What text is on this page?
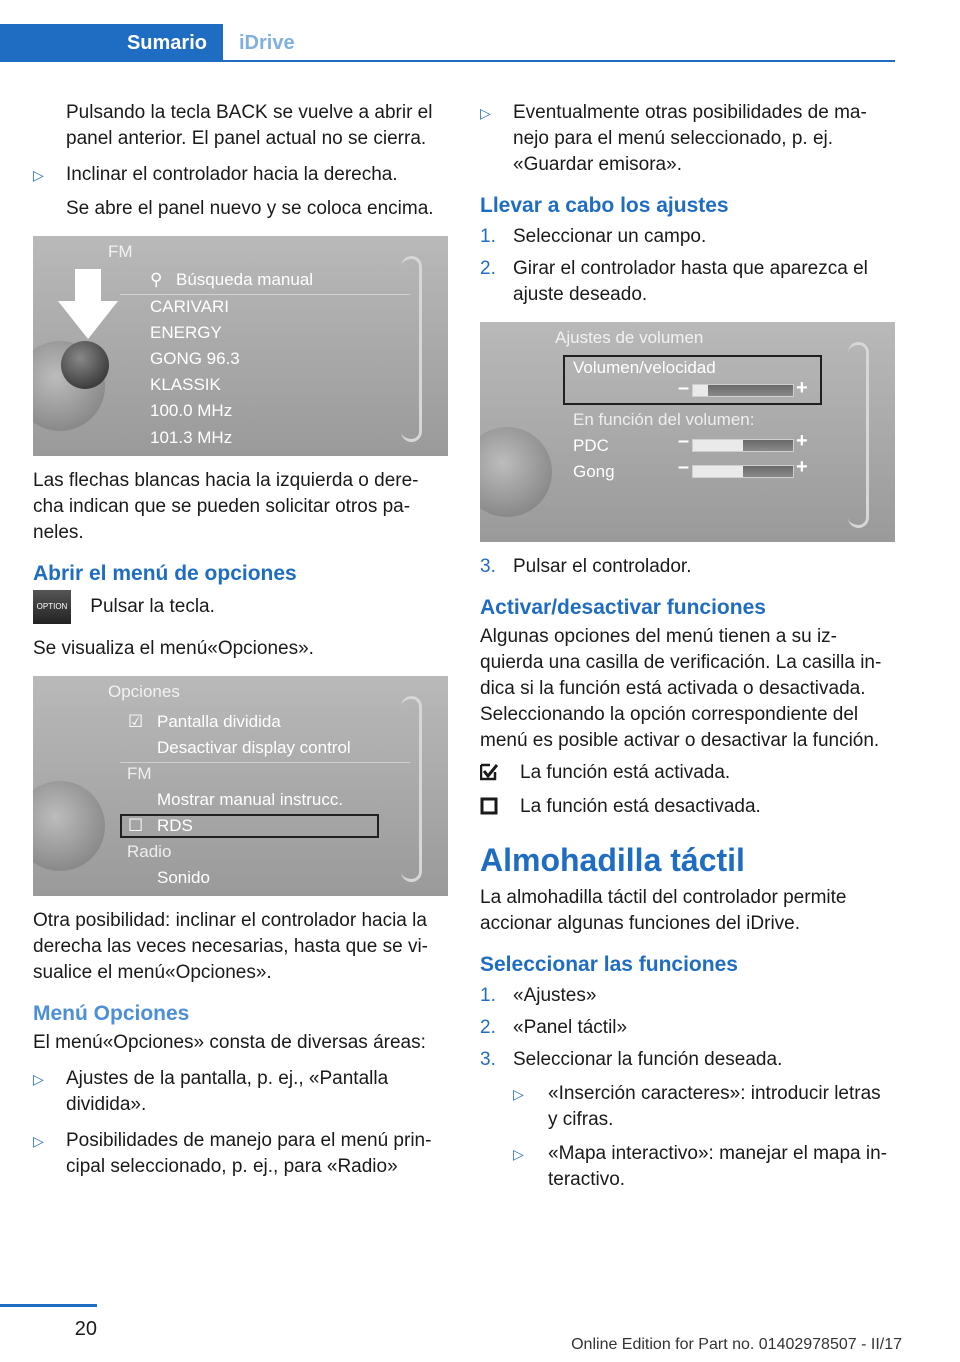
Sumario	iDrive

Pulsando la tecla BACK se vuelve a abrir el panel anterior. El panel actual no se cierra.

▷ Inclinar el controlador hacia la derecha.

Se abre el panel nuevo y se coloca encima.

FM
⚲ Búsqueda manual
CARIVARI
ENERGY
GONG 96.3
KLASSIK
100.0 MHz
101.3 MHz

Las flechas blancas hacia la izquierda o dere-cha indican que se pueden solicitar otros pa-neles.

Abrir el menú de opciones

OPTION Pulsar la tecla.

Se visualiza el menú«Opciones».

Opciones
☑ Pantalla dividida
Desactivar display control
FM
Mostrar manual instrucc.
☐ RDS
Radio
Sonido

Otra posibilidad: inclinar el controlador hacia la derecha las veces necesarias, hasta que se vi-sualice el menú«Opciones».

Menú Opciones

El menú«Opciones» consta de diversas áreas:

▷ Ajustes de la pantalla, p. ej., «Pantalla dividida».
▷ Posibilidades de manejo para el menú prin-cipal seleccionado, p. ej., para «Radio»
▷ Eventualmente otras posibilidades de ma-nejo para el menú seleccionado, p. ej. «Guardar emisora».
Llevar a cabo los ajustes
1. Seleccionar un campo.
2. Girar el controlador hasta que aparezca el ajuste deseado.
Ajustes de volumen
Volumen/velocidad
–	+
En función del volumen:
PDC	–	+
Gong	–	+
3. Pulsar el controlador.
Activar/desactivar funciones

Algunas opciones del menú tienen a su iz-quierda una casilla de verificación. La casilla in-dica si la función está activada o desactivada. Seleccionando la opción correspondiente del menú es posible activar o desactivar la función.

La función está activada.
La función está desactivada.
Almohadilla táctil

La almohadilla táctil del controlador permite accionar algunas funciones del iDrive.

Seleccionar las funciones
1. «Ajustes»
2. «Panel táctil»
3. Seleccionar la función deseada.
▷ «Inserción caracteres»: introducir letras y cifras.
▷ «Mapa interactivo»: manejar el mapa in-teractivo.
20
Online Edition for Part no. 01402978507 - II/17
